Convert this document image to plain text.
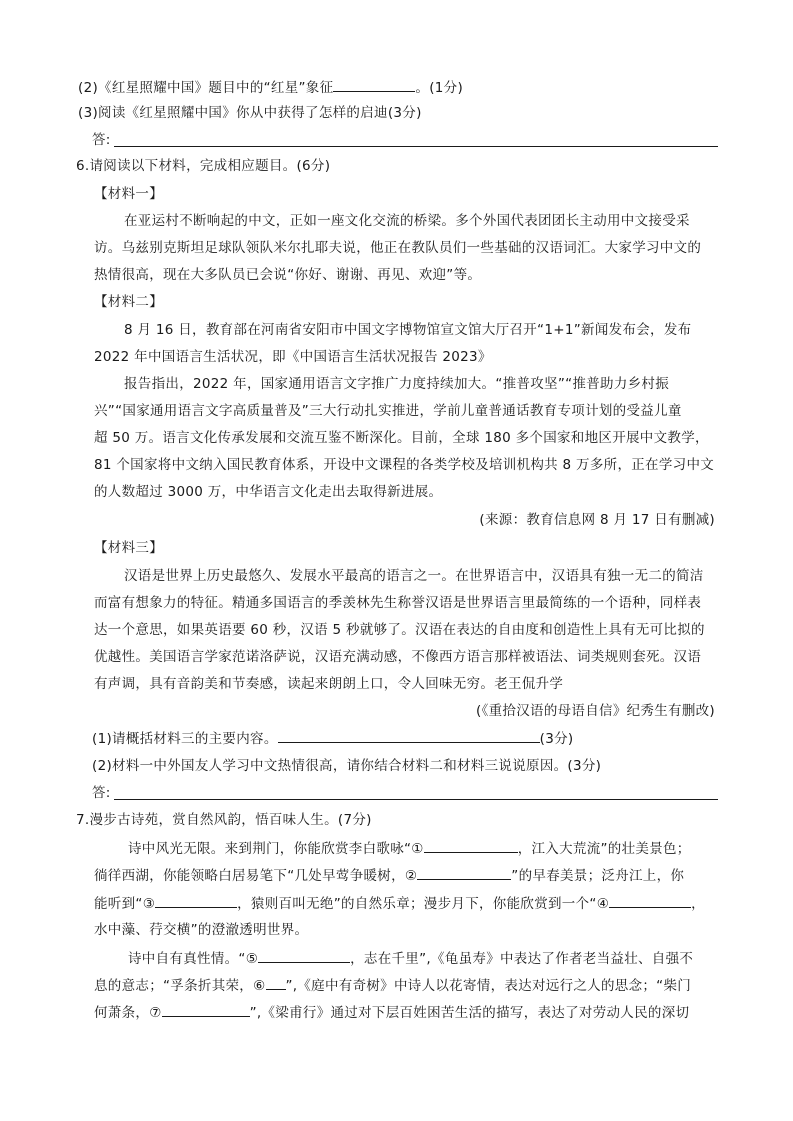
(2)《红星照耀中国》题目中的“红星”象征	。(1分)
(3)阅读《红星照耀中国》你从中获得了怎样的启迪(3分)
答:
6.请阅读以下材料，完成相应题目。(6分)
【材料一】
在亚运村不断响起的中文，正如一座文化交流的桥梁。多个外国代表团团长主动用中文接受采
访。乌兹别克斯坦足球队领队米尔扎耶夫说，他正在教队员们一些基础的汉语词汇。大家学习中文的
热情很高，现在大多队员已会说“你好、谢谢、再见、欢迎”等。
【材料二】
8 月 16 日，教育部在河南省安阳市中国文字博物馆宣文馆大厅召开“1+1”新闻发布会，发布
2022 年中国语言生活状况，即《中国语言生活状况报告 2023》
报告指出，2022 年，国家通用语言文字推广力度持续加大。“推普攻坚”“推普助力乡村振
兴”“国家通用语言文字高质量普及”三大行动扎实推进，学前儿童普通话教育专项计划的受益儿童
超 50 万。语言文化传承发展和交流互鉴不断深化。目前，全球 180 多个国家和地区开展中文教学，
81 个国家将中文纳入国民教育体系，开设中文课程的各类学校及培训机构共 8 万多所，正在学习中文
的人数超过 3000 万，中华语言文化走出去取得新进展。
(来源：教育信息网 8 月 17 日有删减)
【材料三】
汉语是世界上历史最悠久、发展水平最高的语言之一。在世界语言中，汉语具有独一无二的简洁
而富有想象力的特征。精通多国语言的季羡林先生称誉汉语是世界语言里最简练的一个语种，同样表
达一个意思，如果英语要 60 秒，汉语 5 秒就够了。汉语在表达的自由度和创造性上具有无可比拟的
优越性。美国语言学家范诺洛萨说，汉语充满动感，不像西方语言那样被语法、词类规则套死。汉语
有声调，具有音韵美和节奏感，读起来朗朗上口，令人回味无穷。老王侃升学
(《重拾汉语的母语自信》纪秀生有删改)
(1)请概括材料三的主要内容。	(3分)
(2)材料一中外国友人学习中文热情很高，请你结合材料二和材料三说说原因。(3分)
答:
7.漫步古诗苑，赏自然风韵，悟百味人生。(7分)
诗中风光无限。来到荆门，你能欣赏李白歌咏“①	，江入大荒流”的壮美景色；
徜徉西湖，你能领略白居易笔下“几处早莺争暖树，②	”的早春美景；泛舟江上，你
能听到“③	，猿则百叫无绝”的自然乐章；漫步月下，你能欣赏到一个“④	，
水中藻、荇交横”的澄澈透明世界。
诗中自有真性情。“⑤	，志在千里”,《龟虽寿》中表达了作者老当益壮、自强不
息的意志；“孚条折其荣，⑥ ”,《庭中有奇树》中诗人以花寄情，表达对远行之人的思念；“柴门
何萧条，⑦	”,《梁甫行》通过对下层百姓困苦生活的描写，表达了对劳动人民的深切
